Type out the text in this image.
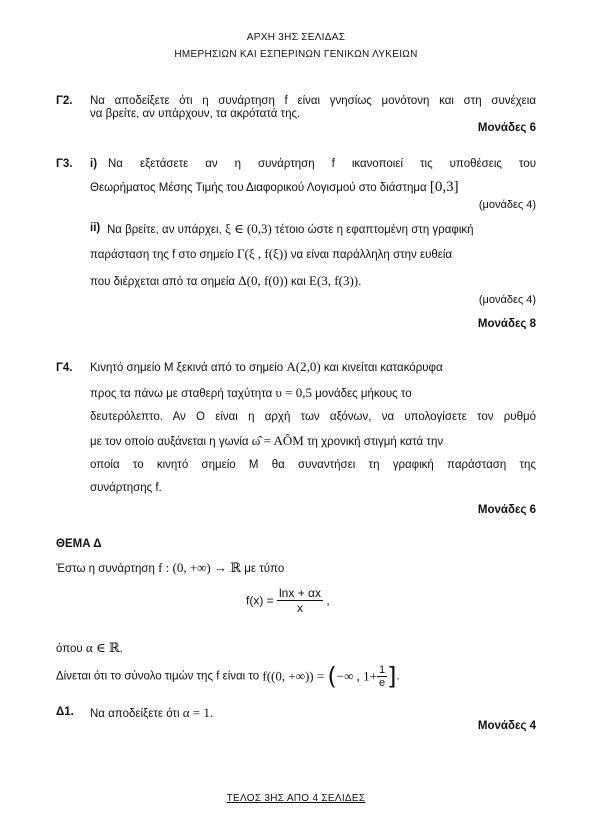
ΑΡΧΗ 3ΗΣ ΣΕΛΙΔΑΣ
ΗΜΕΡΗΣΙΩΝ ΚΑΙ ΕΣΠΕΡΙΝΩΝ ΓΕΝΙΚΩΝ ΛΥΚΕΙΩΝ
Γ2. Να αποδείξετε ότι η συνάρτηση f είναι γνησίως μονότονη και στη συνέχεια
να βρείτε, αν υπάρχουν, τα ακρότατά της.
Μονάδες 6
Γ3. i) Να εξετάσετε αν η συνάρτηση f ικανοποιεί τις υποθέσεις του
Θεωρήματος Μέσης Τιμής του Διαφορικού Λογισμού στο διάστημα [0,3]
(μονάδες 4)
ii) Να βρείτε, αν υπάρχει, ξ ∈ (0,3) τέτοιο ώστε η εφαπτομένη στη γραφική
παράσταση της f στο σημείο Γ(ξ , f(ξ)) να είναι παράλληλη στην ευθεία
που διέρχεται από τα σημεία Δ(0, f(0)) και Ε(3, f(3)).
(μονάδες 4)
Μονάδες 8
Γ4. Κινητό σημείο Μ ξεκινά από το σημείο Α(2,0) και κινείται κατακόρυφα
προς τα πάνω με σταθερή ταχύτητα υ = 0,5 μονάδες μήκους το
δευτερόλεπτο. Αν Ο είναι η αρχή των αξόνων, να υπολογίσετε τον ρυθμό
με τον οποίο αυξάνεται η γωνία ω̂ = ΑÔΜ τη χρονική στιγμή κατά την
οποία το κινητό σημείο Μ θα συναντήσει τη γραφική παράσταση της
συνάρτησης f.
Μονάδες 6
ΘΕΜΑ Δ
Έστω η συνάρτηση f : (0, +∞) → ℝ με τύπο
$f(x) = \frac{\ln x + \alpha x}{x}$ ,
όπου α ∈ ℝ.
Δίνεται ότι το σύνολο τιμών της f είναι το f((0, +∞)) = (−∞ , $1+ \frac{1}{e}$ ].
Δ1. Να αποδείξετε ότι α = 1.
Μονάδες 4
ΤΕΛΟΣ 3ΗΣ ΑΠΟ 4 ΣΕΛΙΔΕΣ
